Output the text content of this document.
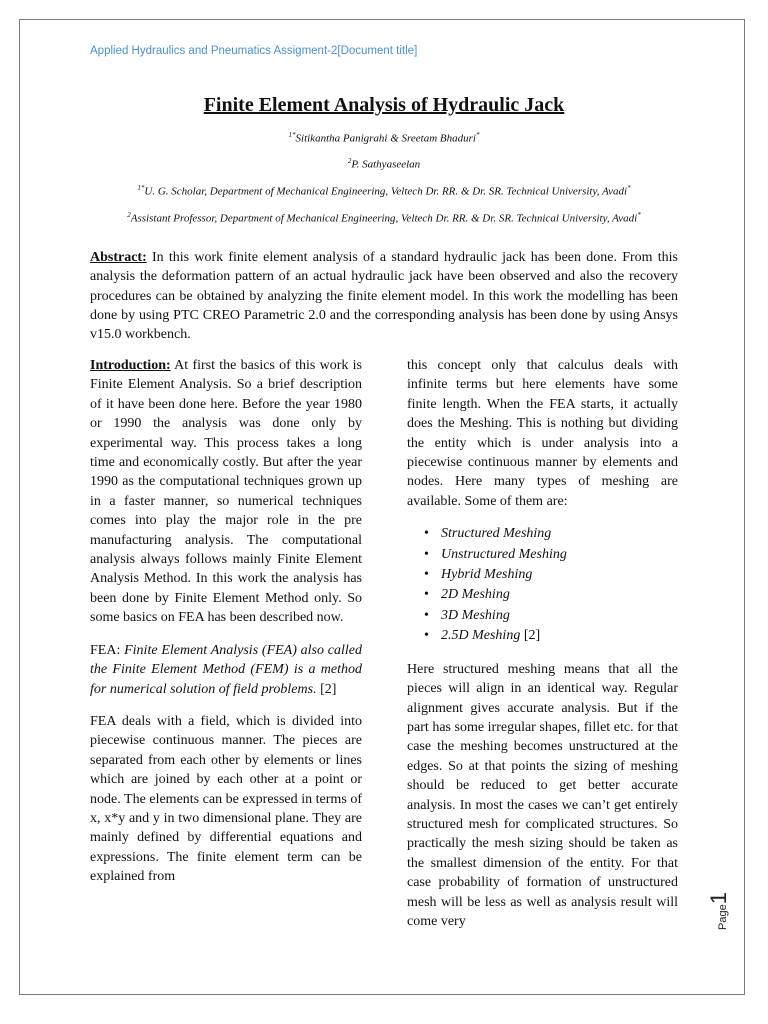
Applied Hydraulics and Pneumatics Assigment-2[Document title]
Finite Element Analysis of Hydraulic Jack

$^{1*}$Sitikantha Panigrahi & Sreetam Bhaduri*

$^2$P. Sathyaseelan

$^{1*}$U. G. Scholar, Department of Mechanical Engineering, Veltech Dr. RR. & Dr. SR. Technical University, Avadi*

$^2$Assistant Professor, Department of Mechanical Engineering, Veltech Dr. RR. & Dr. SR. Technical University, Avadi*

Abstract: In this work finite element analysis of a standard hydraulic jack has been done. From this analysis the deformation pattern of an actual hydraulic jack have been observed and also the recovery procedures can be obtained by analyzing the finite element model. In this work the modelling has been done by using PTC CREO Parametric 2.0 and the corresponding analysis has been done by using Ansys v15.0 workbench.

Introduction: At first the basics of this work is Finite Element Analysis. So a brief description of it have been done here. Before the year 1980 or 1990 the analysis was done only by experimental way. This process takes a long time and economically costly. But after the year 1990 as the computational techniques grown up in a faster manner, so numerical techniques comes into play the major role in the pre manufacturing analysis. The computational analysis always follows mainly Finite Element Analysis Method. In this work the analysis has been done by Finite Element Method only. So some basics on FEA has been described now.

FEA: Finite Element Analysis (FEA) also called the Finite Element Method (FEM) is a method for numerical solution of field problems. [2]

FEA deals with a field, which is divided into piecewise continuous manner. The pieces are separated from each other by elements or lines which are joined by each other at a point or node. The elements can be expressed in terms of x, x*y and y in two dimensional plane. They are mainly defined by differential equations and expressions. The finite element term can be explained from

this concept only that calculus deals with infinite terms but here elements have some finite length. When the FEA starts, it actually does the Meshing. This is nothing but dividing the entity which is under analysis into a piecewise continuous manner by elements and nodes. Here many types of meshing are available. Some of them are:

• Structured Meshing
• Unstructured Meshing
• Hybrid Meshing
• 2D Meshing
• 3D Meshing
• 2.5D Meshing [2]

Here structured meshing means that all the pieces will align in an identical way. Regular alignment gives accurate analysis. But if the part has some irregular shapes, fillet etc. for that case the meshing becomes unstructured at the edges. So at that points the sizing of meshing should be reduced to get better accurate analysis. In most the cases we can’t get entirely structured mesh for complicated structures. So practically the mesh sizing should be taken as the smallest dimension of the entity. For that case probability of formation of unstructured mesh will be less as well as analysis result will come very	Page1
